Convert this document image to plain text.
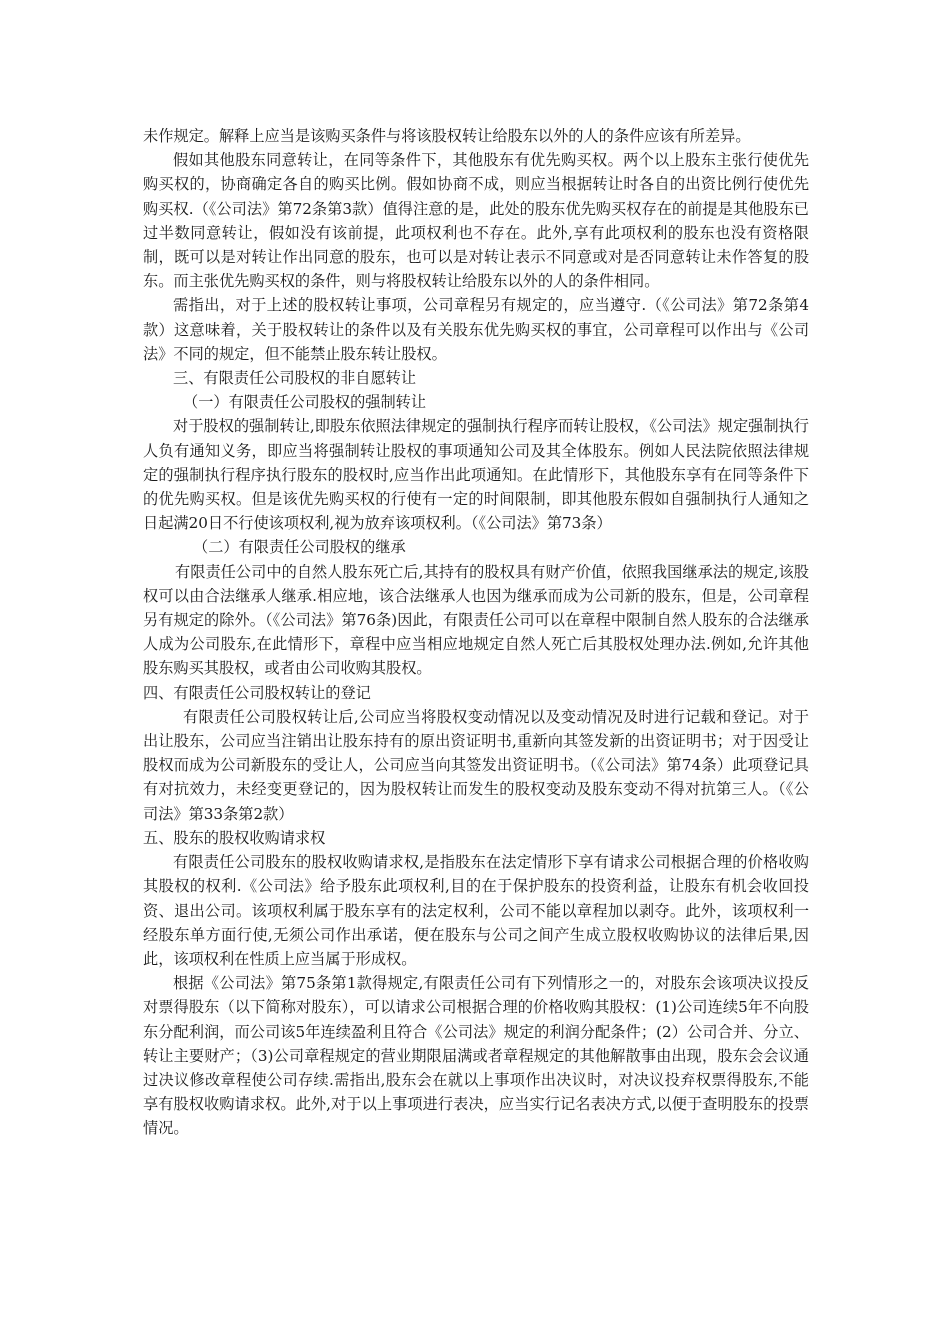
未作规定。解释上应当是该购买条件与将该股权转让给股东以外的人的条件应该有所差异。

假如其他股东同意转让，在同等条件下，其他股东有优先购买权。两个以上股东主张行使优先购买权的，协商确定各自的购买比例。假如协商不成，则应当根据转让时各自的出资比例行使优先购买权.（《公司法》第72条第3款）值得注意的是，此处的股东优先购买权存在的前提是其他股东已过半数同意转让，假如没有该前提，此项权利也不存在。此外,享有此项权利的股东也没有资格限制，既可以是对转让作出同意的股东，也可以是对转让表示不同意或对是否同意转让未作答复的股东。而主张优先购买权的条件，则与将股权转让给股东以外的人的条件相同。

需指出，对于上述的股权转让事项，公司章程另有规定的，应当遵守.（《公司法》第72条第4款）这意味着，关于股权转让的条件以及有关股东优先购买权的事宜，公司章程可以作出与《公司法》不同的规定，但不能禁止股东转让股权。

三、有限责任公司股权的非自愿转让

（一）有限责任公司股权的强制转让

对于股权的强制转让,即股东依照法律规定的强制执行程序而转让股权，《公司法》规定强制执行人负有通知义务，即应当将强制转让股权的事项通知公司及其全体股东。例如人民法院依照法律规定的强制执行程序执行股东的股权时,应当作出此项通知。在此情形下，其他股东享有在同等条件下的优先购买权。但是该优先购买权的行使有一定的时间限制，即其他股东假如自强制执行人通知之日起满20日不行使该项权利,视为放弃该项权利。（《公司法》第73条）

（二）有限责任公司股权的继承

有限责任公司中的自然人股东死亡后,其持有的股权具有财产价值，依照我国继承法的规定,该股权可以由合法继承人继承.相应地，该合法继承人也因为继承而成为公司新的股东，但是，公司章程另有规定的除外。（《公司法》第76条)因此，有限责任公司可以在章程中限制自然人股东的合法继承人成为公司股东,在此情形下，章程中应当相应地规定自然人死亡后其股权处理办法.例如,允许其他股东购买其股权，或者由公司收购其股权。

四、有限责任公司股权转让的登记

有限责任公司股权转让后,公司应当将股权变动情况以及变动情况及时进行记载和登记。对于出让股东，公司应当注销出让股东持有的原出资证明书,重新向其签发新的出资证明书；对于因受让股权而成为公司新股东的受让人，公司应当向其签发出资证明书。（《公司法》第74条）此项登记具有对抗效力，未经变更登记的，因为股权转让而发生的股权变动及股东变动不得对抗第三人。（《公司法》第33条第2款）

五、股东的股权收购请求权

有限责任公司股东的股权收购请求权,是指股东在法定情形下享有请求公司根据合理的价格收购其股权的权利.《公司法》给予股东此项权利,目的在于保护股东的投资利益，让股东有机会收回投资、退出公司。该项权利属于股东享有的法定权利，公司不能以章程加以剥夺。此外，该项权利一经股东单方面行使,无须公司作出承诺，便在股东与公司之间产生成立股权收购协议的法律后果,因此，该项权利在性质上应当属于形成权。

根据《公司法》第75条第1款得规定,有限责任公司有下列情形之一的，对股东会该项决议投反对票得股东（以下简称对股东），可以请求公司根据合理的价格收购其股权：(1)公司连续5年不向股东分配利润，而公司该5年连续盈利且符合《公司法》规定的利润分配条件；(2）公司合并、分立、转让主要财产；（3)公司章程规定的营业期限届满或者章程规定的其他解散事由出现，股东会会议通过决议修改章程使公司存续.需指出,股东会在就以上事项作出决议时，对决议投弃权票得股东,不能享有股权收购请求权。此外,对于以上事项进行表决，应当实行记名表决方式,以便于查明股东的投票情况。
